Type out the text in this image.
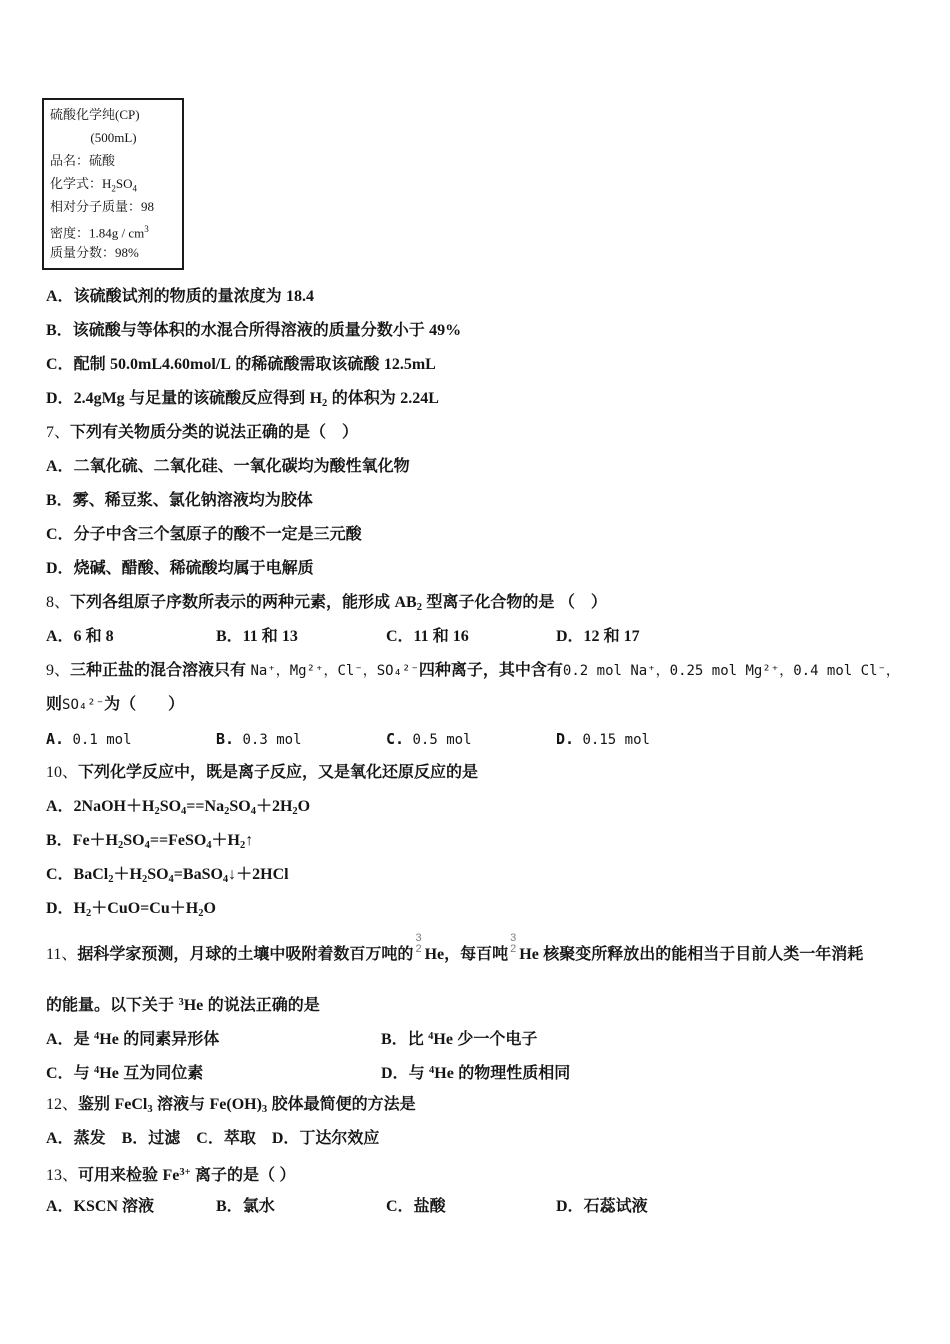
硫酸化学纯(CP)
(500mL)
品名：硫酸
化学式：$H_2SO_4$
相对分子质量：98
密度：$1.84g / cm^3$
质量分数：98%
A．该硫酸试剂的物质的量浓度为 18.4
B．该硫酸与等体积的水混合所得溶液的质量分数小于 49%
C．配制 50.0mL4.60mol/L 的稀硫酸需取该硫酸 12.5mL
D．2.4gMg 与足量的该硫酸反应得到 $H_2$ 的体积为 2.24L
7、下列有关物质分类的说法正确的是（　）
A．二氧化硫、二氧化硅、一氧化碳均为酸性氧化物
B．雾、稀豆浆、氯化钠溶液均为胶体
C．分子中含三个氢原子的酸不一定是三元酸
D．烧碱、醋酸、稀硫酸均属于电解质
8、下列各组原子序数所表示的两种元素，能形成 $AB_2$ 型离子化合物的是 （　）
A．6 和 8	B．11 和 13	C．11 和 16	D．12 和 17
9、三种正盐的混合溶液只有 Na⁺，Mg²⁺，Cl⁻，SO₄²⁻四种离子，其中含有0.2 mol Na⁺，0.25 mol Mg²⁺，0.4 mol Cl⁻，
则SO₄²⁻为（　　）
A. 0.1 mol	B. 0.3 mol	C. 0.5 mol	D. 0.15 mol
10、下列化学反应中，既是离子反应，又是氧化还原反应的是
A．$2NaOH+H_2SO_4==Na_2SO_4+2H_2O$
B．$Fe+H_2SO_4==FeSO_4+H_2↑$
C．$BaCl_2+H_2SO_4=BaSO_4↓+2HCl$
D．$H_2+CuO=Cu+H_2O$
11、据科学家预测，月球的土壤中吸附着数百万吨的
3
2 He，每百吨
3
2 He 核聚变所释放出的能相当于目前人类一年消耗
的能量。以下关于 $^3$He 的说法正确的是
A．是 $^4$He 的同素异形体	B．比 $^4$He 少一个电子
C．与 $^4$He 互为同位素	D．与 $^4$He 的物理性质相同
12、鉴别 FeCl$_3$ 溶液与 $Fe(OH)_3$ 胶体最简便的方法是
A．蒸发　B．过滤　C．萃取　D．丁达尔效应
13、可用来检验 $Fe^{3+}$ 离子的是（ ）
A．KSCN 溶液	B．氯水	C．盐酸	D．石蕊试液
